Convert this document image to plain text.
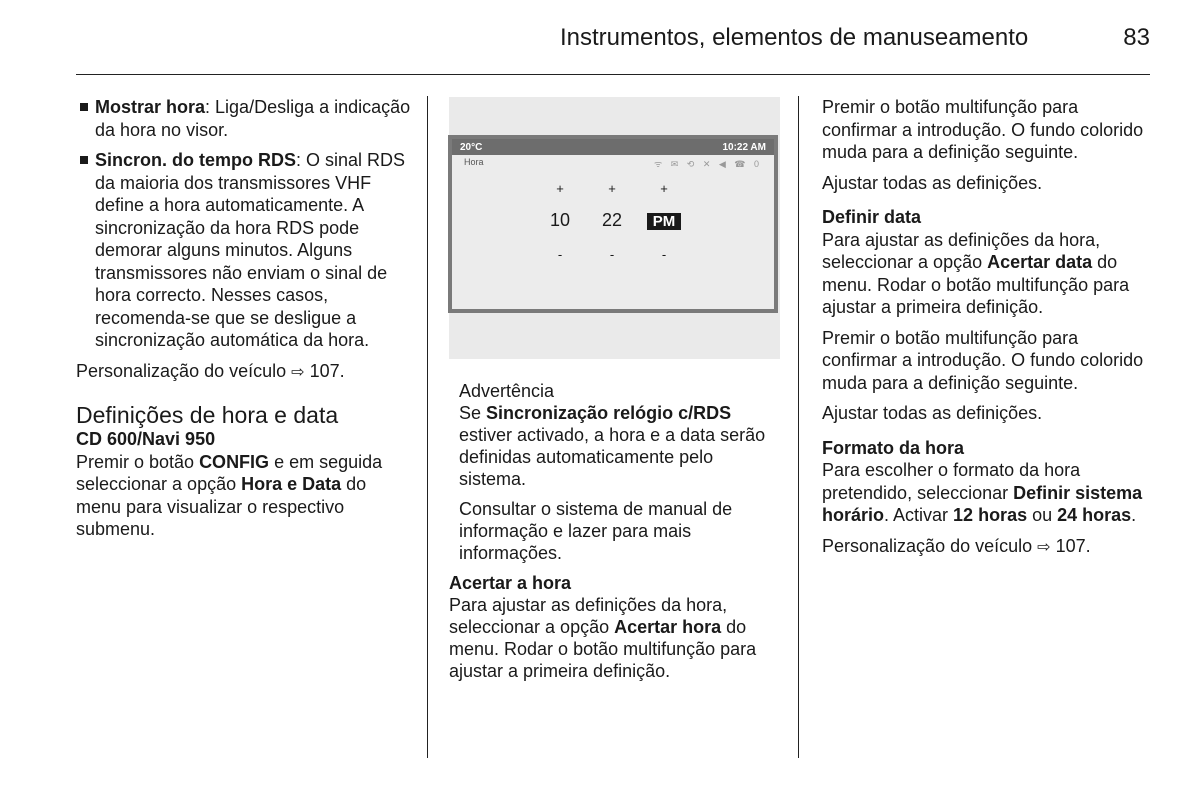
Instrumentos, elementos de manuseamento	83
Mostrar hora: Liga/Desliga a indicação da hora no visor.
Sincron. do tempo RDS: O sinal RDS da maioria dos transmissores VHF define a hora automaticamente. A sincronização da hora RDS pode demorar alguns minutos. Alguns transmissores não enviam o sinal de hora correcto. Nesses casos, recomenda-se que se desligue a sincronização automática da hora.

Personalização do veículo ⇨ 107.

Definições de hora e data

CD 600/Navi 950

Premir o botão CONFIG e em seguida seleccionar a opção Hora e Data do menu para visualizar o respectivo submenu.

20°C	10:22 AM
Hora	ᯤ ✉ ⟲ ✕ ◀ ☎ 0
+	+	+
10	22	PM
-	-	-
Advertência

Se Sincronização relógio c/RDS estiver activado, a hora e a data serão definidas automaticamente pelo sistema.

Consultar o sistema de manual de informação e lazer para mais informações.

Acertar a hora

Para ajustar as definições da hora, seleccionar a opção Acertar hora do menu. Rodar o botão multifunção para ajustar a primeira definição.

Premir o botão multifunção para confirmar a introdução. O fundo colorido muda para a definição seguinte.

Ajustar todas as definições.

Definir data

Para ajustar as definições da hora, seleccionar a opção Acertar data do menu. Rodar o botão multifunção para ajustar a primeira definição.

Premir o botão multifunção para confirmar a introdução. O fundo colorido muda para a definição seguinte.

Ajustar todas as definições.

Formato da hora

Para escolher o formato da hora pretendido, seleccionar Definir sistema horário. Activar 12 horas ou 24 horas.

Personalização do veículo ⇨ 107.
